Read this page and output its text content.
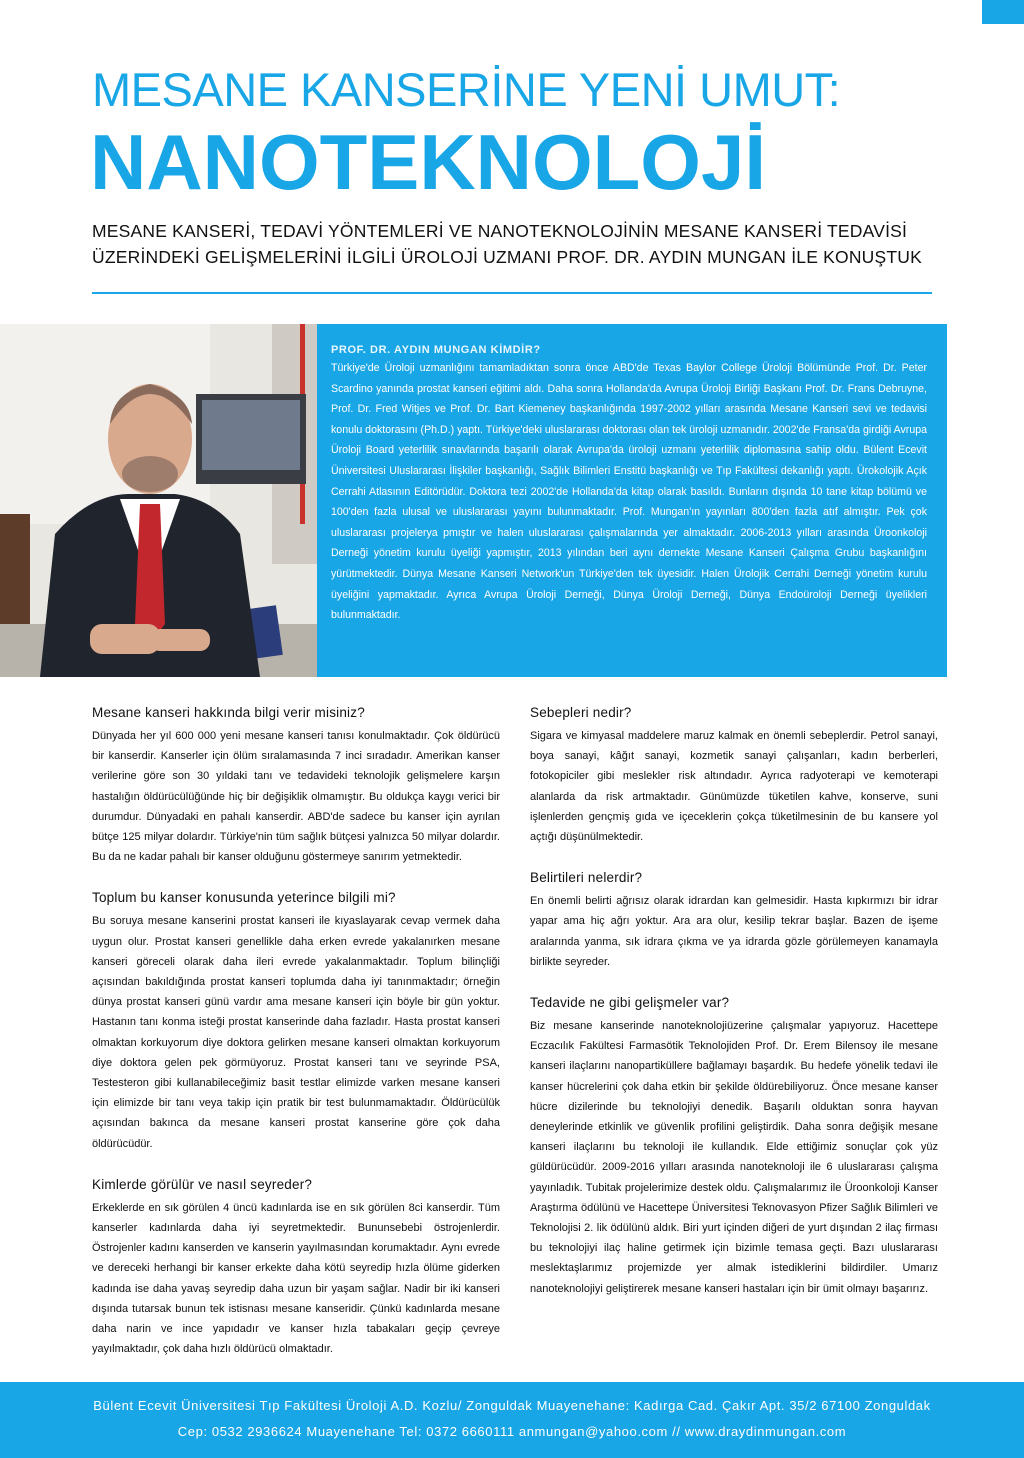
MESANE KANSERİNE YENİ UMUT:
NANOTEKNOLOJİ
MESANE KANSERİ, TEDAVİ YÖNTEMLERİ VE NANOTEKNOLOJİNİN MESANE KANSERİ TEDAVİSİ ÜZERİNDEKİ GELİŞMELERİNİ İLGİLİ ÜROLOJİ UZMANI PROF. DR. AYDIN MUNGAN İLE KONUŞTUK
PROF. DR. AYDIN MUNGAN KİMDİR?
Türkiye'de Üroloji uzmanlığını tamamladıktan sonra önce ABD'de Texas Baylor College Üroloji Bölümünde Prof. Dr. Peter Scardino yanında prostat kanseri eğitimi aldı. Daha sonra Hollanda'da Avrupa Üroloji Birliği Başkanı Prof. Dr. Frans Debruyne, Prof. Dr. Fred Witjes ve Prof. Dr. Bart Kiemeney başkanlığında 1997-2002 yılları arasında Mesane Kanseri sevi ve tedavisi konulu doktorasını (Ph.D.) yaptı. Türkiye'deki uluslararası doktorası olan tek üroloji uzmanıdır. 2002'de Fransa'da girdiği Avrupa Üroloji Board yeterlilik sınavlarında başarılı olarak Avrupa'da üroloji uzmanı yeterlilik diplomasına sahip oldu. Bülent Ecevit Üniversitesi Uluslararası İlişkiler başkanlığı, Sağlık Bilimleri Enstitü başkanlığı ve Tıp Fakültesi dekanlığı yaptı. Ürokolojik Açık Cerrahi Atlasının Editörüdür. Doktora tezi 2002'de Hollanda'da kitap olarak basıldı. Bunların dışında 10 tane kitap bölümü ve 100'den fazla ulusal ve uluslararası yayını bulunmaktadır. Prof. Mungan'ın yayınları 800'den fazla atıf almıştır. Pek çok uluslararası projelerya pmıştır ve halen uluslararası çalışmalarında yer almaktadır. 2006-2013 yılları arasında Üroonkoloji Derneği yönetim kurulu üyeliği yapmıştır, 2013 yılından beri aynı dernekte Mesane Kanseri Çalışma Grubu başkanlığını yürütmektedir. Dünya Mesane Kanseri Network'un Türkiye'den tek üyesidir. Halen Ürolojik Cerrahi Derneği yönetim kurulu üyeliğini yapmaktadır. Ayrıca Avrupa Üroloji Derneği, Dünya Üroloji Derneği, Dünya Endoüroloji Derneği üyelikleri bulunmaktadır.
Mesane kanseri hakkında bilgi verir misiniz?
Dünyada her yıl 600 000 yeni mesane kanseri tanısı konulmaktadır. Çok öldürücü bir kanserdir. Kanserler için ölüm sıralamasında 7 inci sıradadır. Amerikan kanser verilerine göre son 30 yıldaki tanı ve tedavideki teknolojik gelişmelere karşın hastalığın öldürücülüğünde hiç bir değişiklik olmamıştır. Bu oldukça kaygı verici bir durumdur. Dünyadaki en pahalı kanserdir. ABD'de sadece bu kanser için ayrılan bütçe 125 milyar dolardır. Türkiye'nin tüm sağlık bütçesi yalnızca 50 milyar dolardır. Bu da ne kadar pahalı bir kanser olduğunu göstermeye sanırım yetmektedir.
Toplum bu kanser konusunda yeterince bilgili mi?
Bu soruya mesane kanserini prostat kanseri ile kıyaslayarak cevap vermek daha uygun olur. Prostat kanseri genellikle daha erken evrede yakalanırken mesane kanseri göreceli olarak daha ileri evrede yakalanmaktadır. Toplum bilinçliği açısından bakıldığında prostat kanseri toplumda daha iyi tanınmaktadır; örneğin dünya prostat kanseri günü vardır ama mesane kanseri için böyle bir gün yoktur. Hastanın tanı konma isteği prostat kanserinde daha fazladır. Hasta prostat kanseri olmaktan korkuyorum diye doktora gelirken mesane kanseri olmaktan korkuyorum diye doktora gelen pek görmüyoruz. Prostat kanseri tanı ve seyrinde PSA, Testesteron gibi kullanabileceğimiz basit testlar elimizde varken mesane kanseri için elimizde bir tanı veya takip için pratik bir test bulunmamaktadır. Öldürücülük açısından bakınca da mesane kanseri prostat kanserine göre çok daha öldürücüdür.
Kimlerde görülür ve nasıl seyreder?
Erkeklerde en sık görülen 4 üncü kadınlarda ise en sık görülen 8ci kanserdir. Tüm kanserler kadınlarda daha iyi seyretmektedir. Bununsebebi östrojenlerdir. Östrojenler kadını kanserden ve kanserin yayılmasından korumaktadır. Aynı evrede ve dereceki herhangi bir kanser erkekte daha kötü seyredip hızla ölüme giderken kadında ise daha yavaş seyredip daha uzun bir yaşam sağlar. Nadir bir iki kanseri dışında tutarsak bunun tek istisnası mesane kanseridir. Çünkü kadınlarda mesane daha narin ve ince yapıdadır ve kanser hızla tabakaları geçip çevreye yayılmaktadır, çok daha hızlı öldürücü olmaktadır.
Sebepleri nedir?
Sigara ve kimyasal maddelere maruz kalmak en önemli sebeplerdir. Petrol sanayi, boya sanayi, kâğıt sanayi, kozmetik sanayi çalışanları, kadın berberleri, fotokopiciler gibi meslekler risk altındadır. Ayrıca radyoterapi ve kemoterapi alanlarda da risk artmaktadır. Günümüzde tüketilen kahve, konserve, suni işlenlerden gençmiş gıda ve içeceklerin çokça tüketilmesinin de bu kansere yol açtığı düşünülmektedir.
Belirtileri nelerdir?
En önemli belirti ağrısız olarak idrardan kan gelmesidir. Hasta kıpkırmızı bir idrar yapar ama hiç ağrı yoktur. Ara ara olur, kesilip tekrar başlar. Bazen de işeme aralarında yanma, sık idrara çıkma ve ya idrarda gözle görülemeyen kanamayla birlikte seyreder.
Tedavide ne gibi gelişmeler var?
Biz mesane kanserinde nanoteknolojiüzerine çalışmalar yapıyoruz. Hacettepe Eczacılık Fakültesi Farmasötik Teknolojiden Prof. Dr. Erem Bilensoy ile mesane kanseri ilaçlarını nanopartiküllere bağlamayı başardık. Bu hedefe yönelik tedavi ile kanser hücrelerini çok daha etkin bir şekilde öldürebiliyoruz. Önce mesane kanser hücre dizilerinde bu teknolojiyi denedik. Başarılı olduktan sonra hayvan deneylerinde etkinlik ve güvenlik profilini geliştirdik. Daha sonra değişik mesane kanseri ilaçlarını bu teknoloji ile kullandık. Elde ettiğimiz sonuçlar çok yüz güldürücüdür. 2009-2016 yılları arasında nanoteknoloji ile 6 uluslararası çalışma yayınladık. Tubitak projelerimize destek oldu. Çalışmalarımız ile Üroonkoloji Kanser Araştırma ödülünü ve Hacettepe Üniversitesi Teknovasyon Pfizer Sağlık Bilimleri ve Teknolojisi 2. lik ödülünü aldık. Biri yurt içinden diğeri de yurt dışından 2 ilaç firması bu teknolojiyi ilaç haline getirmek için bizimle temasa geçti. Bazı uluslararası meslektaşlarımız projemizde yer almak istediklerini bildirdiler. Umarız nanoteknolojiyi geliştirerek mesane kanseri hastaları için bir ümit olmayı başarırız.
Bülent Ecevit Üniversitesi Tıp Fakültesi Üroloji A.D. Kozlu/ Zonguldak Muayenehane: Kadırga Cad. Çakır Apt. 35/2 67100 Zonguldak
Cep: 0532 2936624 Muayenehane Tel: 0372 6660111 anmungan@yahoo.com // www.draydinmungan.com
